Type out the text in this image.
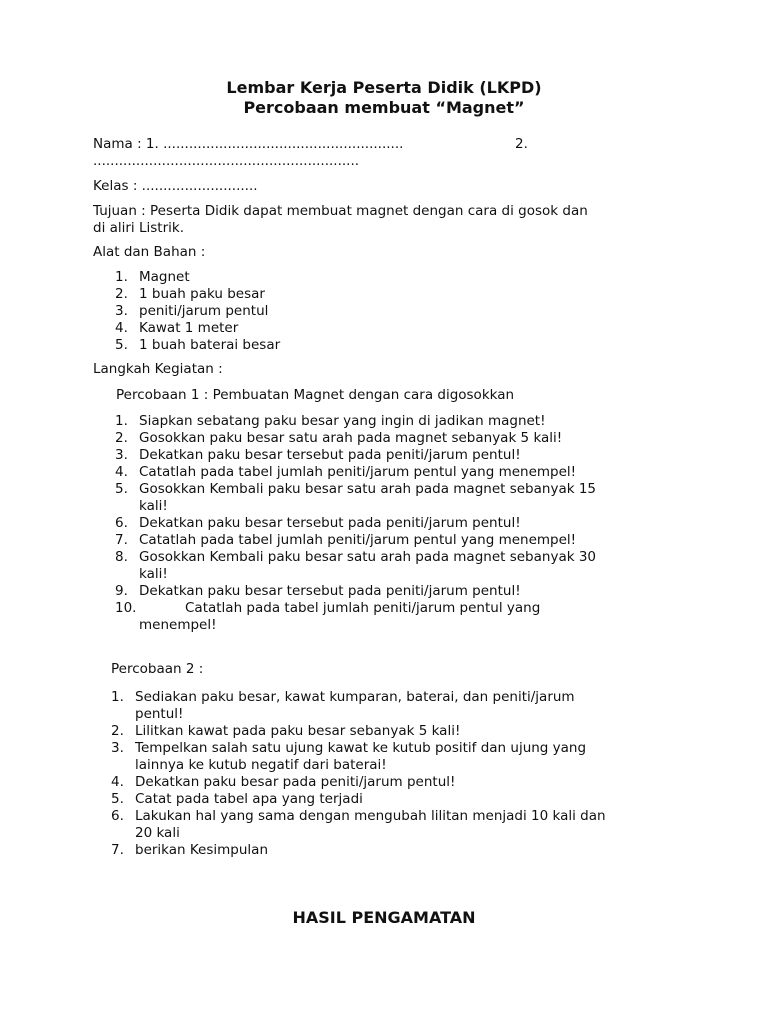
Lembar Kerja Peserta Didik (LKPD)
Percobaan membuat “Magnet”
Nama : 1. ........................................................	2.
..............................................................
Kelas : ...........................
Tujuan : Peserta Didik dapat membuat magnet dengan cara di gosok dan
di aliri Listrik.
Alat dan Bahan :
1. Magnet
2. 1 buah paku besar
3. peniti/jarum pentul
4. Kawat 1 meter
5. 1 buah baterai besar
Langkah Kegiatan :
Percobaan 1 : Pembuatan Magnet dengan cara digosokkan
1. Siapkan sebatang paku besar yang ingin di jadikan magnet!
2. Gosokkan paku besar satu arah pada magnet sebanyak 5 kali!
3. Dekatkan paku besar tersebut pada peniti/jarum pentul!
4. Catatlah pada tabel jumlah peniti/jarum pentul yang menempel!
5. Gosokkan Kembali paku besar satu arah pada magnet sebanyak 15
kali!
6. Dekatkan paku besar tersebut pada peniti/jarum pentul!
7. Catatlah pada tabel jumlah peniti/jarum pentul yang menempel!
8. Gosokkan Kembali paku besar satu arah pada magnet sebanyak 30
kali!
9. Dekatkan paku besar tersebut pada peniti/jarum pentul!
10.	Catatlah pada tabel jumlah peniti/jarum pentul yang
menempel!
Percobaan 2 :
1. Sediakan paku besar, kawat kumparan, baterai, dan peniti/jarum
pentul!
2. Lilitkan kawat pada paku besar sebanyak 5 kali!
3. Tempelkan salah satu ujung kawat ke kutub positif dan ujung yang
lainnya ke kutub negatif dari baterai!
4. Dekatkan paku besar pada peniti/jarum pentul!
5. Catat pada tabel apa yang terjadi
6. Lakukan hal yang sama dengan mengubah lilitan menjadi 10 kali dan
20 kali
7. berikan Kesimpulan
HASIL PENGAMATAN
